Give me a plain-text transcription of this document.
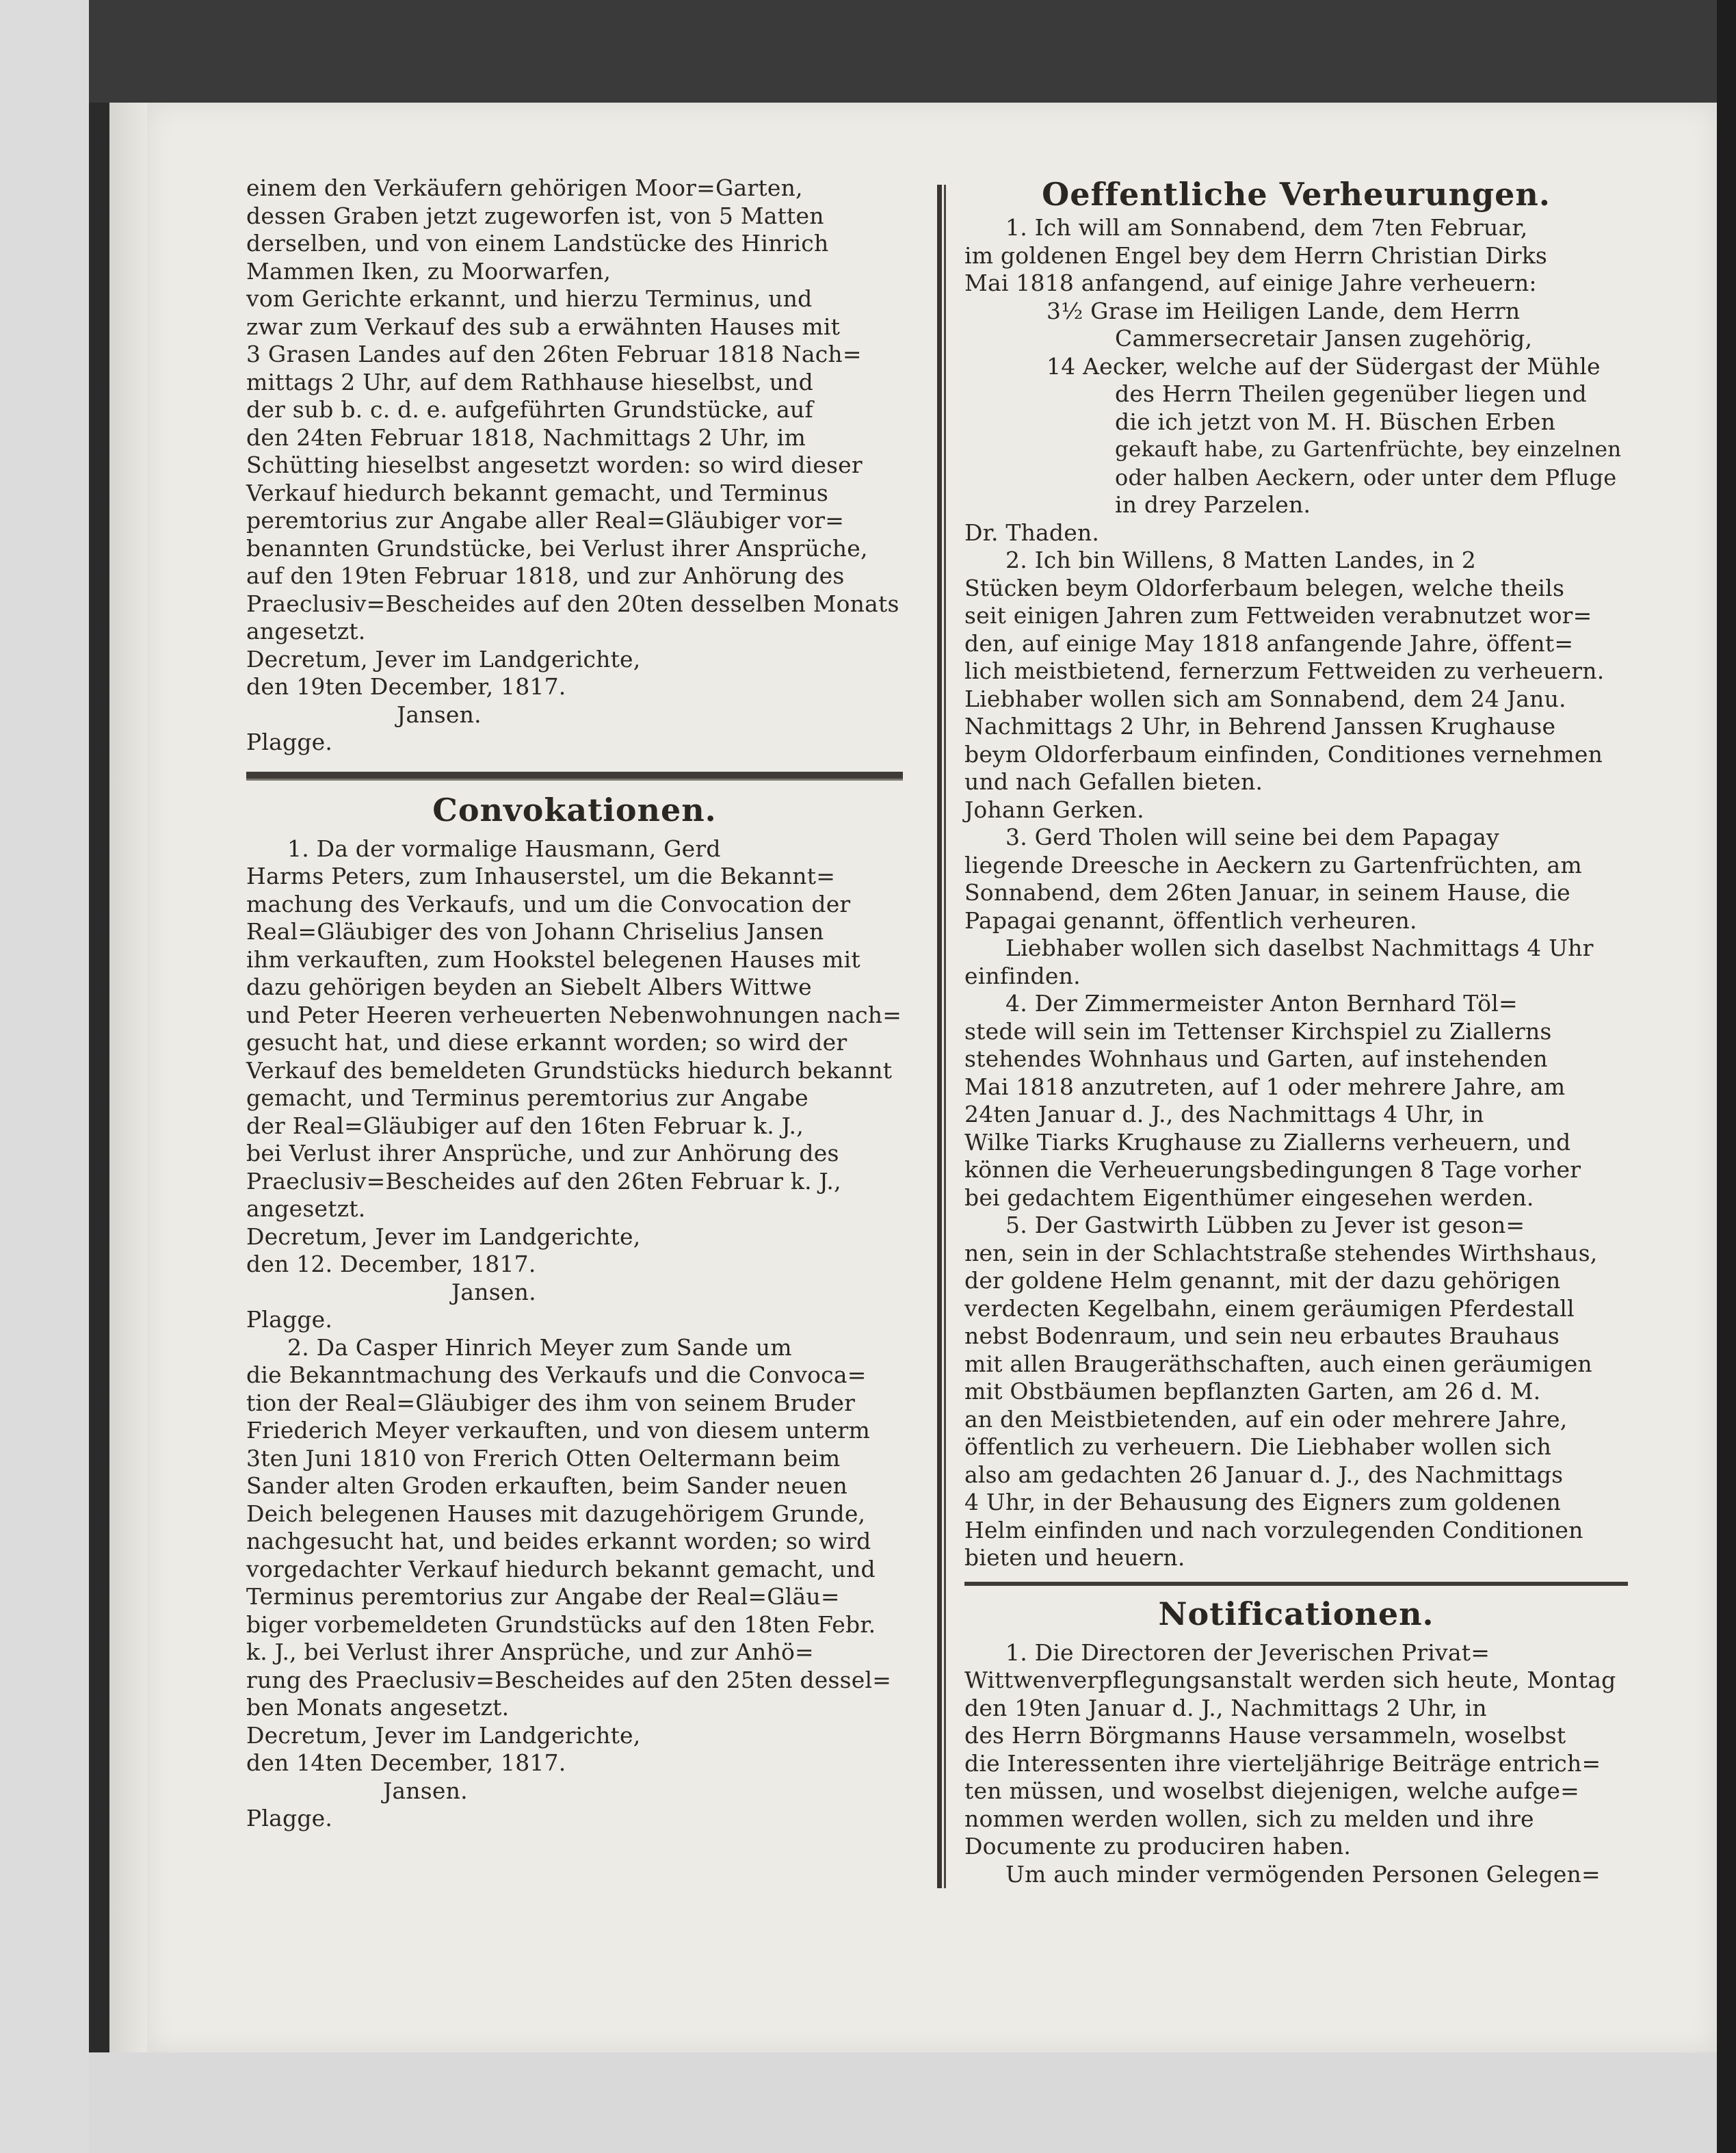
einem den Verkäufern gehörigen Moor=Garten,
dessen Graben jetzt zugeworfen ist, von 5 Matten
derselben, und von einem Landstücke des Hinrich
Mammen Iken, zu Moorwarfen,
vom Gerichte erkannt, und hierzu Terminus, und
zwar zum Verkauf des sub a erwähnten Hauses mit
3 Grasen Landes auf den 26ten Februar 1818 Nach=
mittags 2 Uhr, auf dem Rathhause hieselbst, und
der sub b. c. d. e. aufgeführten Grundstücke, auf
den 24ten Februar 1818, Nachmittags 2 Uhr, im
Schütting hieselbst angesetzt worden: so wird dieser
Verkauf hiedurch bekannt gemacht, und Terminus
peremtorius zur Angabe aller Real=Gläubiger vor=
benannten Grundstücke, bei Verlust ihrer Ansprüche,
auf den 19ten Februar 1818, und zur Anhörung des
Praeclusiv=Bescheides auf den 20ten desselben Monats
angesetzt.
Decretum, Jever im Landgerichte,
den 19ten December, 1817.
Jansen.
Plagge.

Convokationen.

1. Da der vormalige Hausmann, Gerd
Harms Peters, zum Inhauserstel, um die Bekannt=
machung des Verkaufs, und um die Convocation der
Real=Gläubiger des von Johann Chriselius Jansen
ihm verkauften, zum Hookstel belegenen Hauses mit
dazu gehörigen beyden an Siebelt Albers Wittwe
und Peter Heeren verheuerten Nebenwohnungen nach=
gesucht hat, und diese erkannt worden; so wird der
Verkauf des bemeldeten Grundstücks hiedurch bekannt
gemacht, und Terminus peremtorius zur Angabe
der Real=Gläubiger auf den 16ten Februar k. J.,
bei Verlust ihrer Ansprüche, und zur Anhörung des
Praeclusiv=Bescheides auf den 26ten Februar k. J.,
angesetzt.
Decretum, Jever im Landgerichte,
den 12. December, 1817.
Jansen.
Plagge.
2. Da Casper Hinrich Meyer zum Sande um
die Bekanntmachung des Verkaufs und die Convoca=
tion der Real=Gläubiger des ihm von seinem Bruder
Friederich Meyer verkauften, und von diesem unterm
3ten Juni 1810 von Frerich Otten Oeltermann beim
Sander alten Groden erkauften, beim Sander neuen
Deich belegenen Hauses mit dazugehörigem Grunde,
nachgesucht hat, und beides erkannt worden; so wird
vorgedachter Verkauf hiedurch bekannt gemacht, und
Terminus peremtorius zur Angabe der Real=Gläu=
biger vorbemeldeten Grundstücks auf den 18ten Febr.
k. J., bei Verlust ihrer Ansprüche, und zur Anhö=
rung des Praeclusiv=Bescheides auf den 25ten dessel=
ben Monats angesetzt.
Decretum, Jever im Landgerichte,
den 14ten December, 1817.
Jansen.
Plagge.

Oeffentliche Verheurungen.

1. Ich will am Sonnabend, dem 7ten Februar,
im goldenen Engel bey dem Herrn Christian Dirks
Mai 1818 anfangend, auf einige Jahre verheuern:
3½ Grase im Heiligen Lande, dem Herrn
Cammersecretair Jansen zugehörig,
14 Aecker, welche auf der Südergast der Mühle
des Herrn Theilen gegenüber liegen und
die ich jetzt von M. H. Büschen Erben
gekauft habe, zu Gartenfrüchte, bey einzelnen
oder halben Aeckern, oder unter dem Pfluge
in drey Parzelen.
Dr. Thaden.
2. Ich bin Willens, 8 Matten Landes, in 2
Stücken beym Oldorferbaum belegen, welche theils
seit einigen Jahren zum Fettweiden verabnutzet wor=
den, auf einige May 1818 anfangende Jahre, öffent=
lich meistbietend, fernerzum Fettweiden zu verheuern.
Liebhaber wollen sich am Sonnabend, dem 24 Janu.
Nachmittags 2 Uhr, in Behrend Janssen Krughause
beym Oldorferbaum einfinden, Conditiones vernehmen
und nach Gefallen bieten.
Johann Gerken.
3. Gerd Tholen will seine bei dem Papagay
liegende Dreesche in Aeckern zu Gartenfrüchten, am
Sonnabend, dem 26ten Januar, in seinem Hause, die
Papagai genannt, öffentlich verheuren.
Liebhaber wollen sich daselbst Nachmittags 4 Uhr
einfinden.
4. Der Zimmermeister Anton Bernhard Töl=
stede will sein im Tettenser Kirchspiel zu Ziallerns
stehendes Wohnhaus und Garten, auf instehenden
Mai 1818 anzutreten, auf 1 oder mehrere Jahre, am
24ten Januar d. J., des Nachmittags 4 Uhr, in
Wilke Tiarks Krughause zu Ziallerns verheuern, und
können die Verheuerungsbedingungen 8 Tage vorher
bei gedachtem Eigenthümer eingesehen werden.
5. Der Gastwirth Lübben zu Jever ist geson=
nen, sein in der Schlachtstraße stehendes Wirthshaus,
der goldene Helm genannt, mit der dazu gehörigen
verdecten Kegelbahn, einem geräumigen Pferdestall
nebst Bodenraum, und sein neu erbautes Brauhaus
mit allen Braugeräthschaften, auch einen geräumigen
mit Obstbäumen bepflanzten Garten, am 26 d. M.
an den Meistbietenden, auf ein oder mehrere Jahre,
öffentlich zu verheuern. Die Liebhaber wollen sich
also am gedachten 26 Januar d. J., des Nachmittags
4 Uhr, in der Behausung des Eigners zum goldenen
Helm einfinden und nach vorzulegenden Conditionen
bieten und heuern.

Notificationen.

1. Die Directoren der Jeverischen Privat=
Wittwenverpflegungsanstalt werden sich heute, Montag
den 19ten Januar d. J., Nachmittags 2 Uhr, in
des Herrn Börgmanns Hause versammeln, woselbst
die Interessenten ihre vierteljährige Beiträge entrich=
ten müssen, und woselbst diejenigen, welche aufge=
nommen werden wollen, sich zu melden und ihre
Documente zu produciren haben.
Um auch minder vermögenden Personen Gelegen=
